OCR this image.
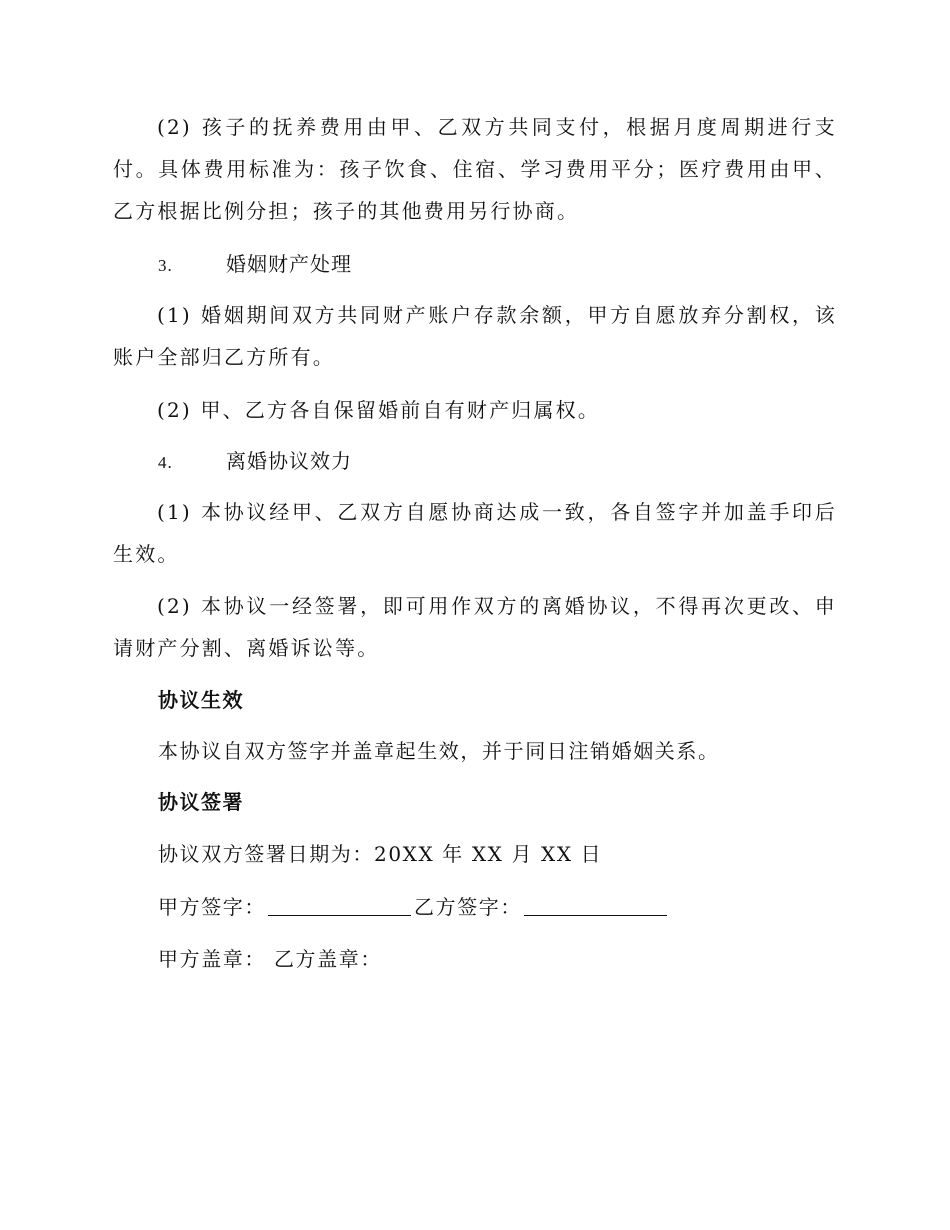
(2) 孩子的抚养费用由甲、乙双方共同支付，根据月度周期进行支付。具体费用标准为：孩子饮食、住宿、学习费用平分；医疗费用由甲、乙方根据比例分担；孩子的其他费用另行协商。

3.	婚姻财产处理

(1) 婚姻期间双方共同财产账户存款余额，甲方自愿放弃分割权，该账户全部归乙方所有。

(2) 甲、乙方各自保留婚前自有财产归属权。

4.	离婚协议效力

(1) 本协议经甲、乙双方自愿协商达成一致，各自签字并加盖手印后生效。

(2) 本协议一经签署，即可用作双方的离婚协议，不得再次更改、申请财产分割、离婚诉讼等。

协议生效

本协议自双方签字并盖章起生效，并于同日注销婚姻关系。

协议签署

协议双方签署日期为：20XX 年 XX 月 XX 日

甲方签字：	乙方签字：

甲方盖章： 乙方盖章：
